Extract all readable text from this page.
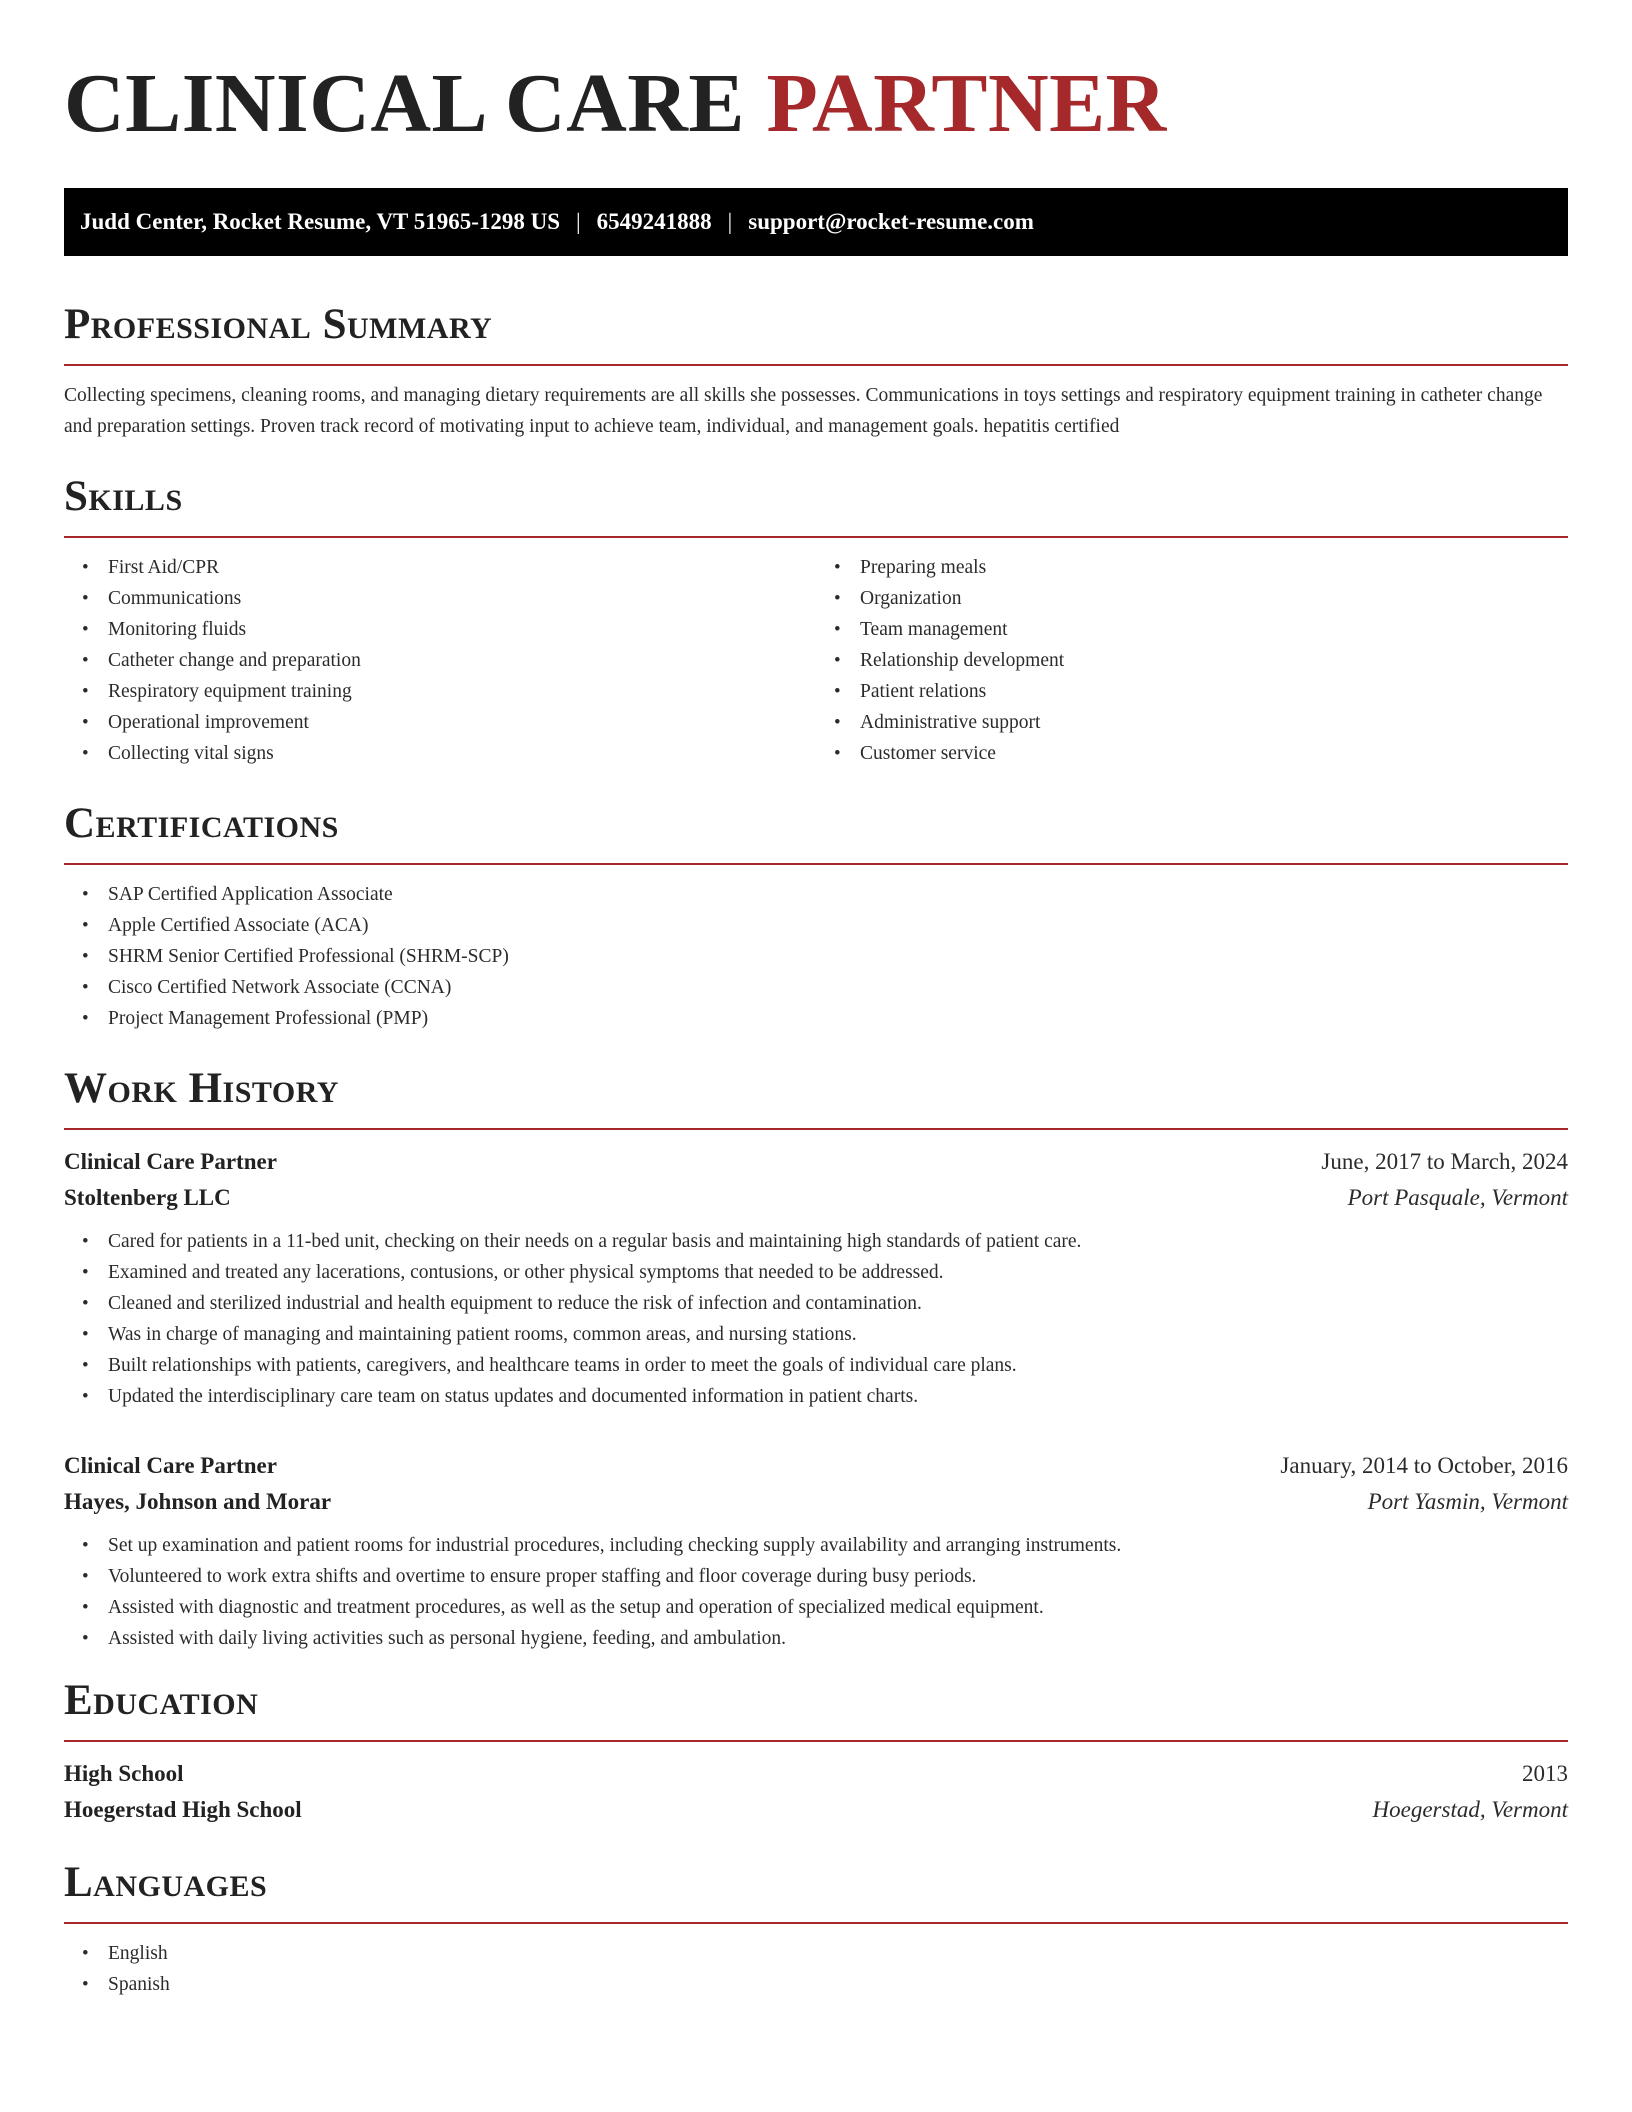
CLINICAL CARE PARTNER
Judd Center, Rocket Resume, VT 51965-1298 US | 6549241888 | support@rocket-resume.com
Professional Summary

Collecting specimens, cleaning rooms, and managing dietary requirements are all skills she possesses. Communications in toys settings and respiratory equipment training in catheter change and preparation settings. Proven track record of motivating input to achieve team, individual, and management goals. hepatitis certified

Skills
• First Aid/CPR
• Communications
• Monitoring fluids
• Catheter change and preparation
• Respiratory equipment training
• Operational improvement
• Collecting vital signs
• Preparing meals
• Organization
• Team management
• Relationship development
• Patient relations
• Administrative support
• Customer service
Certifications
• SAP Certified Application Associate
• Apple Certified Associate (ACA)
• SHRM Senior Certified Professional (SHRM-SCP)
• Cisco Certified Network Associate (CCNA)
• Project Management Professional (PMP)
Work History
Clinical Care Partner	June, 2017 to March, 2024
Stoltenberg LLC	Port Pasquale, Vermont
• Cared for patients in a 11-bed unit, checking on their needs on a regular basis and maintaining high standards of patient care.
• Examined and treated any lacerations, contusions, or other physical symptoms that needed to be addressed.
• Cleaned and sterilized industrial and health equipment to reduce the risk of infection and contamination.
• Was in charge of managing and maintaining patient rooms, common areas, and nursing stations.
• Built relationships with patients, caregivers, and healthcare teams in order to meet the goals of individual care plans.
• Updated the interdisciplinary care team on status updates and documented information in patient charts.
Clinical Care Partner	January, 2014 to October, 2016
Hayes, Johnson and Morar	Port Yasmin, Vermont
• Set up examination and patient rooms for industrial procedures, including checking supply availability and arranging instruments.
• Volunteered to work extra shifts and overtime to ensure proper staffing and floor coverage during busy periods.
• Assisted with diagnostic and treatment procedures, as well as the setup and operation of specialized medical equipment.
• Assisted with daily living activities such as personal hygiene, feeding, and ambulation.
Education
High School	2013
Hoegerstad High School	Hoegerstad, Vermont
Languages
• English
• Spanish
